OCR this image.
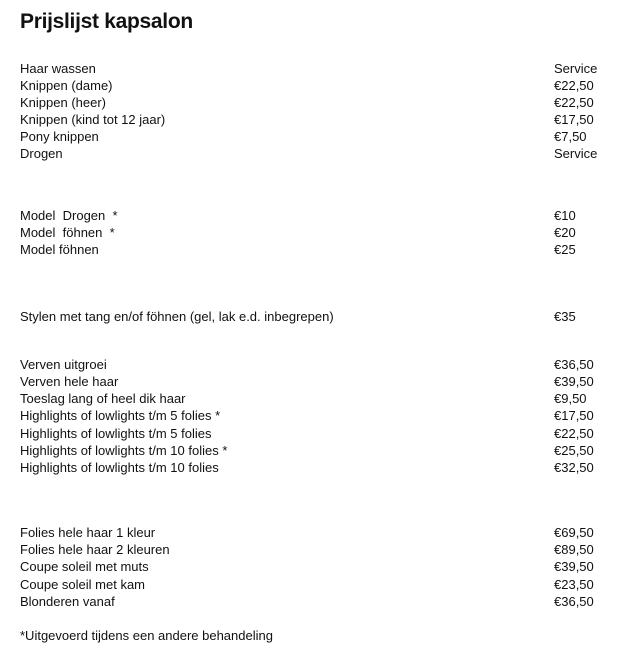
Prijslijst kapsalon
Haar wassen	Service
Knippen (dame)	€22,50
Knippen (heer)	€22,50
Knippen (kind tot 12 jaar)	€17,50
Pony knippen	€7,50
Drogen	Service
Model  Drogen  *	€10
Model  föhnen  *	€20
Model föhnen	€25
Stylen met tang en/of föhnen (gel, lak e.d. inbegrepen)	€35
Verven uitgroei	€36,50
Verven hele haar	€39,50
Toeslag lang of heel dik haar	€9,50
Highlights of lowlights t/m 5 folies *	€17,50
Highlights of lowlights t/m 5 folies	€22,50
Highlights of lowlights t/m 10 folies *	€25,50
Highlights of lowlights t/m 10 folies	€32,50
Folies hele haar 1 kleur	€69,50
Folies hele haar 2 kleuren	€89,50
Coupe soleil met muts	€39,50
Coupe soleil met kam	€23,50
Blonderen vanaf	€36,50
*Uitgevoerd tijdens een andere behandeling
